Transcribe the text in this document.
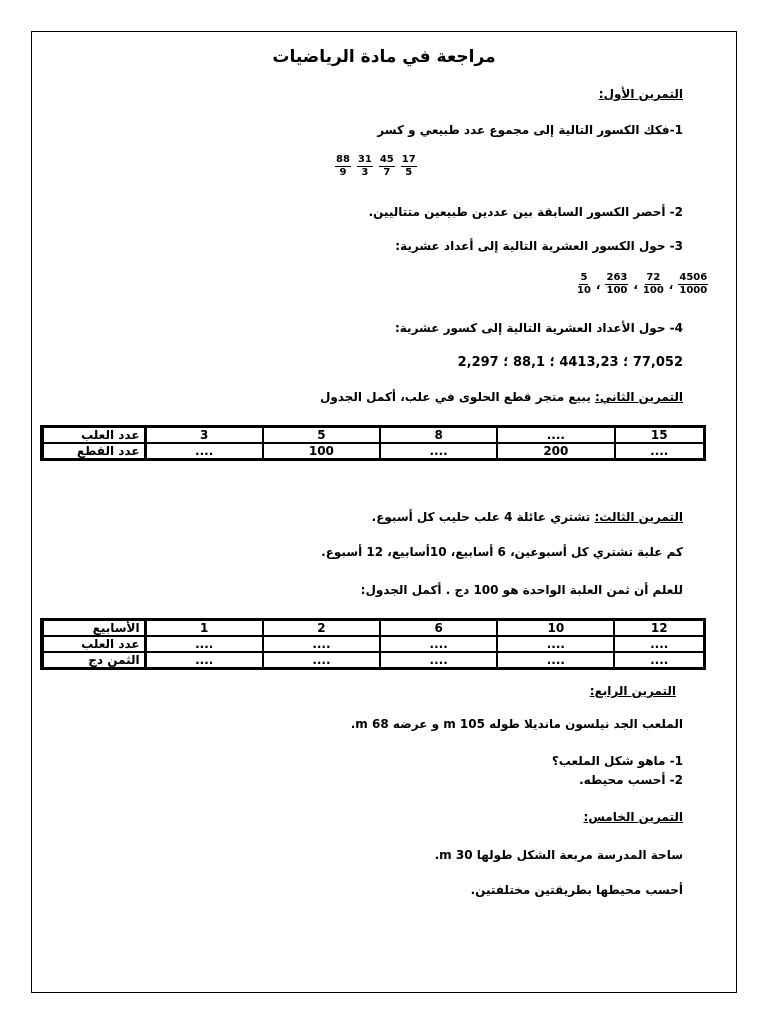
مراجعة في مادة الرياضيات
التمرين الأول:
1-فكك الكسور التالية إلى مجموع عدد طبيعي و كسر
$\frac{88}{9} \frac{31}{3} \frac{45}{7} \frac{17}{5}$
2- أحصر الكسور السابقة بين عددين طبيعين متتاليين.
3- حول الكسور العشرية التالية إلى أعداد عشرية:
$\frac{5}{10}$ ، $\frac{263}{100}$ ، $\frac{72}{100}$ ، $\frac{4506}{1000}$
4- حول الأعداد العشرية التالية إلى كسور عشرية:
77,052 ؛ 4413,23 ؛ 88,1 ؛ 2,297
التمرين الثاني: يبيع متجر قطع الحلوى في علب، أكمل الجدول
عدد العلب	3	5	8	....	15
عدد القطع	....	100	....	200	....
التمرين الثالث: تشتري عائلة 4 علب حليب كل أسبوع.
كم علبة تشتري كل أسبوعين، 6 أسابيع، 10أسابيع، 12 أسبوع.
للعلم أن ثمن العلبة الواحدة هو 100 دج . أكمل الجدول:
الأسابيع	1	2	6	10	12
عدد العلب	....	....	....	....	....
الثمن دج	....	....	....	....	....
التمرين الرابع:
الملعب الجد نيلسون مانديلا طوله 105 m و عرضه 68 m.
1- ماهو شكل الملعب؟
2- أحسب محيطه.
التمرين الخامس:
ساحة المدرسة مربعة الشكل طولها 30 m.
أحسب محيطها بطريقتين مختلفتين.
